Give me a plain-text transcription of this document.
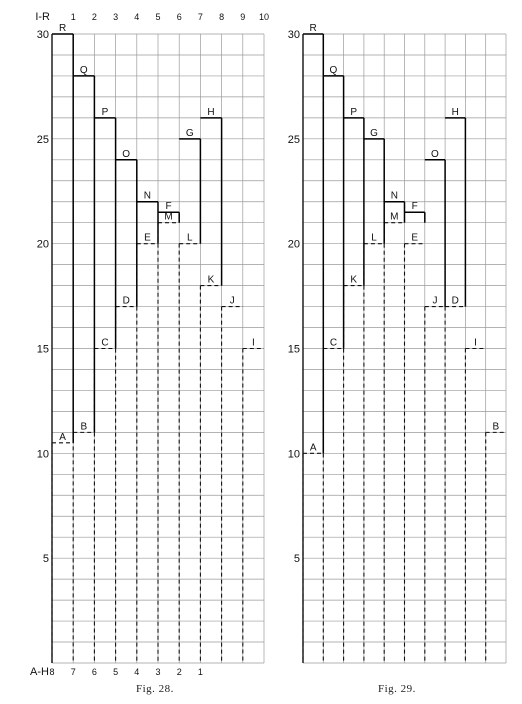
A
B
C
D
E
M
L
K
J
I
R
Q
P
O
N
F
G
H
30
25
20
15
10
5
I-R 1 2 3 4 5 6 7 8 9 10
A-H 8 7 6 5 4 3 2 1
A
C
K
L
M
E
J D
I
B
R
Q
P
G
N
F
O
H
30
25
20
15
10
5
Fig. 28.	Fig. 29.
